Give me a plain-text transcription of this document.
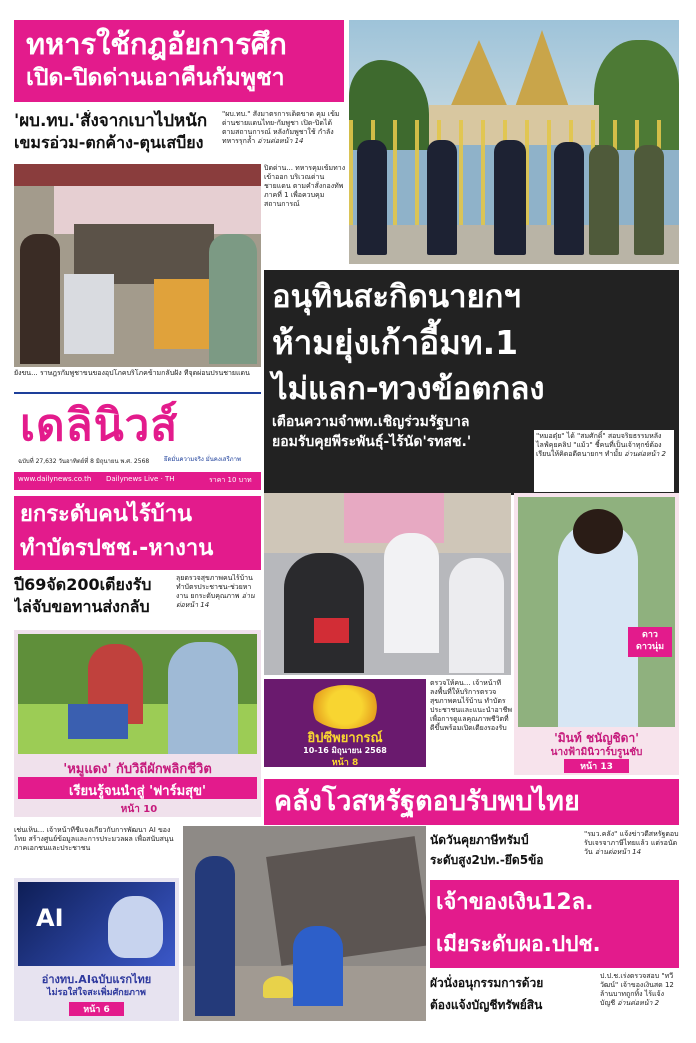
ทหารใช้กฎอัยการศึก
เปิด-ปิดด่านเอาคืนกัมพูชา
'ผบ.ทบ.'สั่งจากเบาไปหนัก
เขมรอ่วม-ตกค้าง-ตุนเสบียง
"ผบ.ทบ." สั่งมาตรการเด็ดขาด คุม เข้มด่านชายแดนไทย-กัมพูชา เปิด-ปิดได้ตามสถานการณ์ หลังกัมพูชาใช้ กำลังทหารรุกล้ำ อ่านต่อหน้า 14
ยังขน... ราษฎรกัมพูชาขนของอุปโภคบริโภคข้ามกลับฝั่ง ที่จุดผ่อนปรนชายแดน
ปิดด่าน... ทหารคุมเข้มทางเข้าออก บริเวณด่านชายแดน ตามคำสั่งกองทัพภาคที่ 1 เพื่อควบคุมสถานการณ์
อนุทินสะกิดนายกฯ
ห้ามยุ่งเก้าอี้มท.1
ไม่แลก-ทวงข้อตกลง
เตือนความจำพท.เชิญร่วมรัฐบาล
ยอมรับคุยพีระพันธุ์-ไร้นัด'รทสช.'	"หมอตุ๋ย" ได้ "สมศักดิ์" สอบจริยธรรมหลังไลฟ์คุยคลิป "แม้ว" ชี้คนที่เป็นเจ้าทุกข์ต้องเรียนให้คิดอดีตนายกฯ ทำมั้ย อ่านต่อหน้า 2
เดลินิวส์
ยึดมั่นความจริง มั่นคงเสรีภาพ
ฉบับที่ 27,632 วันอาทิตย์ที่ 8 มิถุนายน พ.ศ. 2568
www.dailynews.co.th Dailynews Live · TH	ราคา 10 บาท
ยกระดับคนไร้บ้าน
ทำบัตรปชช.-หางาน
ปี69จัด200เตียงรับ
ไล่จับขอทานส่งกลับ
ลุยตรวจสุขภาพคนไร้บ้าน ทำบัตรประชาชน-ช่วยหางาน ยกระดับคุณภาพ อ่านต่อหน้า 14
'หมูแดง' กับวิถีผักพลิกชีวิต
เรียนรู้จนนำสู่ 'ฟาร์มสุข'
หน้า 10
ตรวจให้คน... เจ้าหน้าที่ลงพื้นที่ให้บริการตรวจสุขภาพคนไร้บ้าน ทำบัตรประชาชนและแนะนำอาชีพ เพื่อการดูแลคุณภาพชีวิตที่ดีขึ้นพร้อมเปิดเตียงรองรับ
ยิปซีพยากรณ์
10-16 มิถุนายน 2568
หน้า 8
ดาว
ดาวนุ่ม
'มินท์ ชนัญชิดา'
นางฟ้ามินิวาร์บรูนชับ
หน้า 13
คลังโวสหรัฐตอบรับพบไทย
นัดวันคุยภาษีทรัมป์
ระดับสูง2ปท.-ยึด5ข้อ
"รมว.คลัง" แจ้งข่าวดีสหรัฐตอบรับเจรจาภาษีไทยแล้ว แต่รอนัดวัน อ่านต่อหน้า 14
เช่นเห็น... เจ้าหน้าที่ชี้แจงเกี่ยวกับการพัฒนา AI ของไทย สร้างศูนย์ข้อมูลและการประมวลผล เพื่อสนับสนุนภาคเอกชนและประชาชน
AI
อ่างทบ.AIฉบับแรกไทย
ไม่รอใส่ใจสะเพิ่มศักยภาพ
หน้า 6
เจ้าของเงิน12ล.
เมียระดับผอ.ปปช.
ผัวนั่งอนุกรรมการด้วย
ต้องแจ้งบัญชีทรัพย์สิน
ป.ป.ช.เร่งตรวจสอบ "ทวีวัฒน์" เจ้าของเงินสด 12 ล้านบาทถูกทิ้ง ไร้แจ้งบัญชี อ่านต่อหน้า 2
